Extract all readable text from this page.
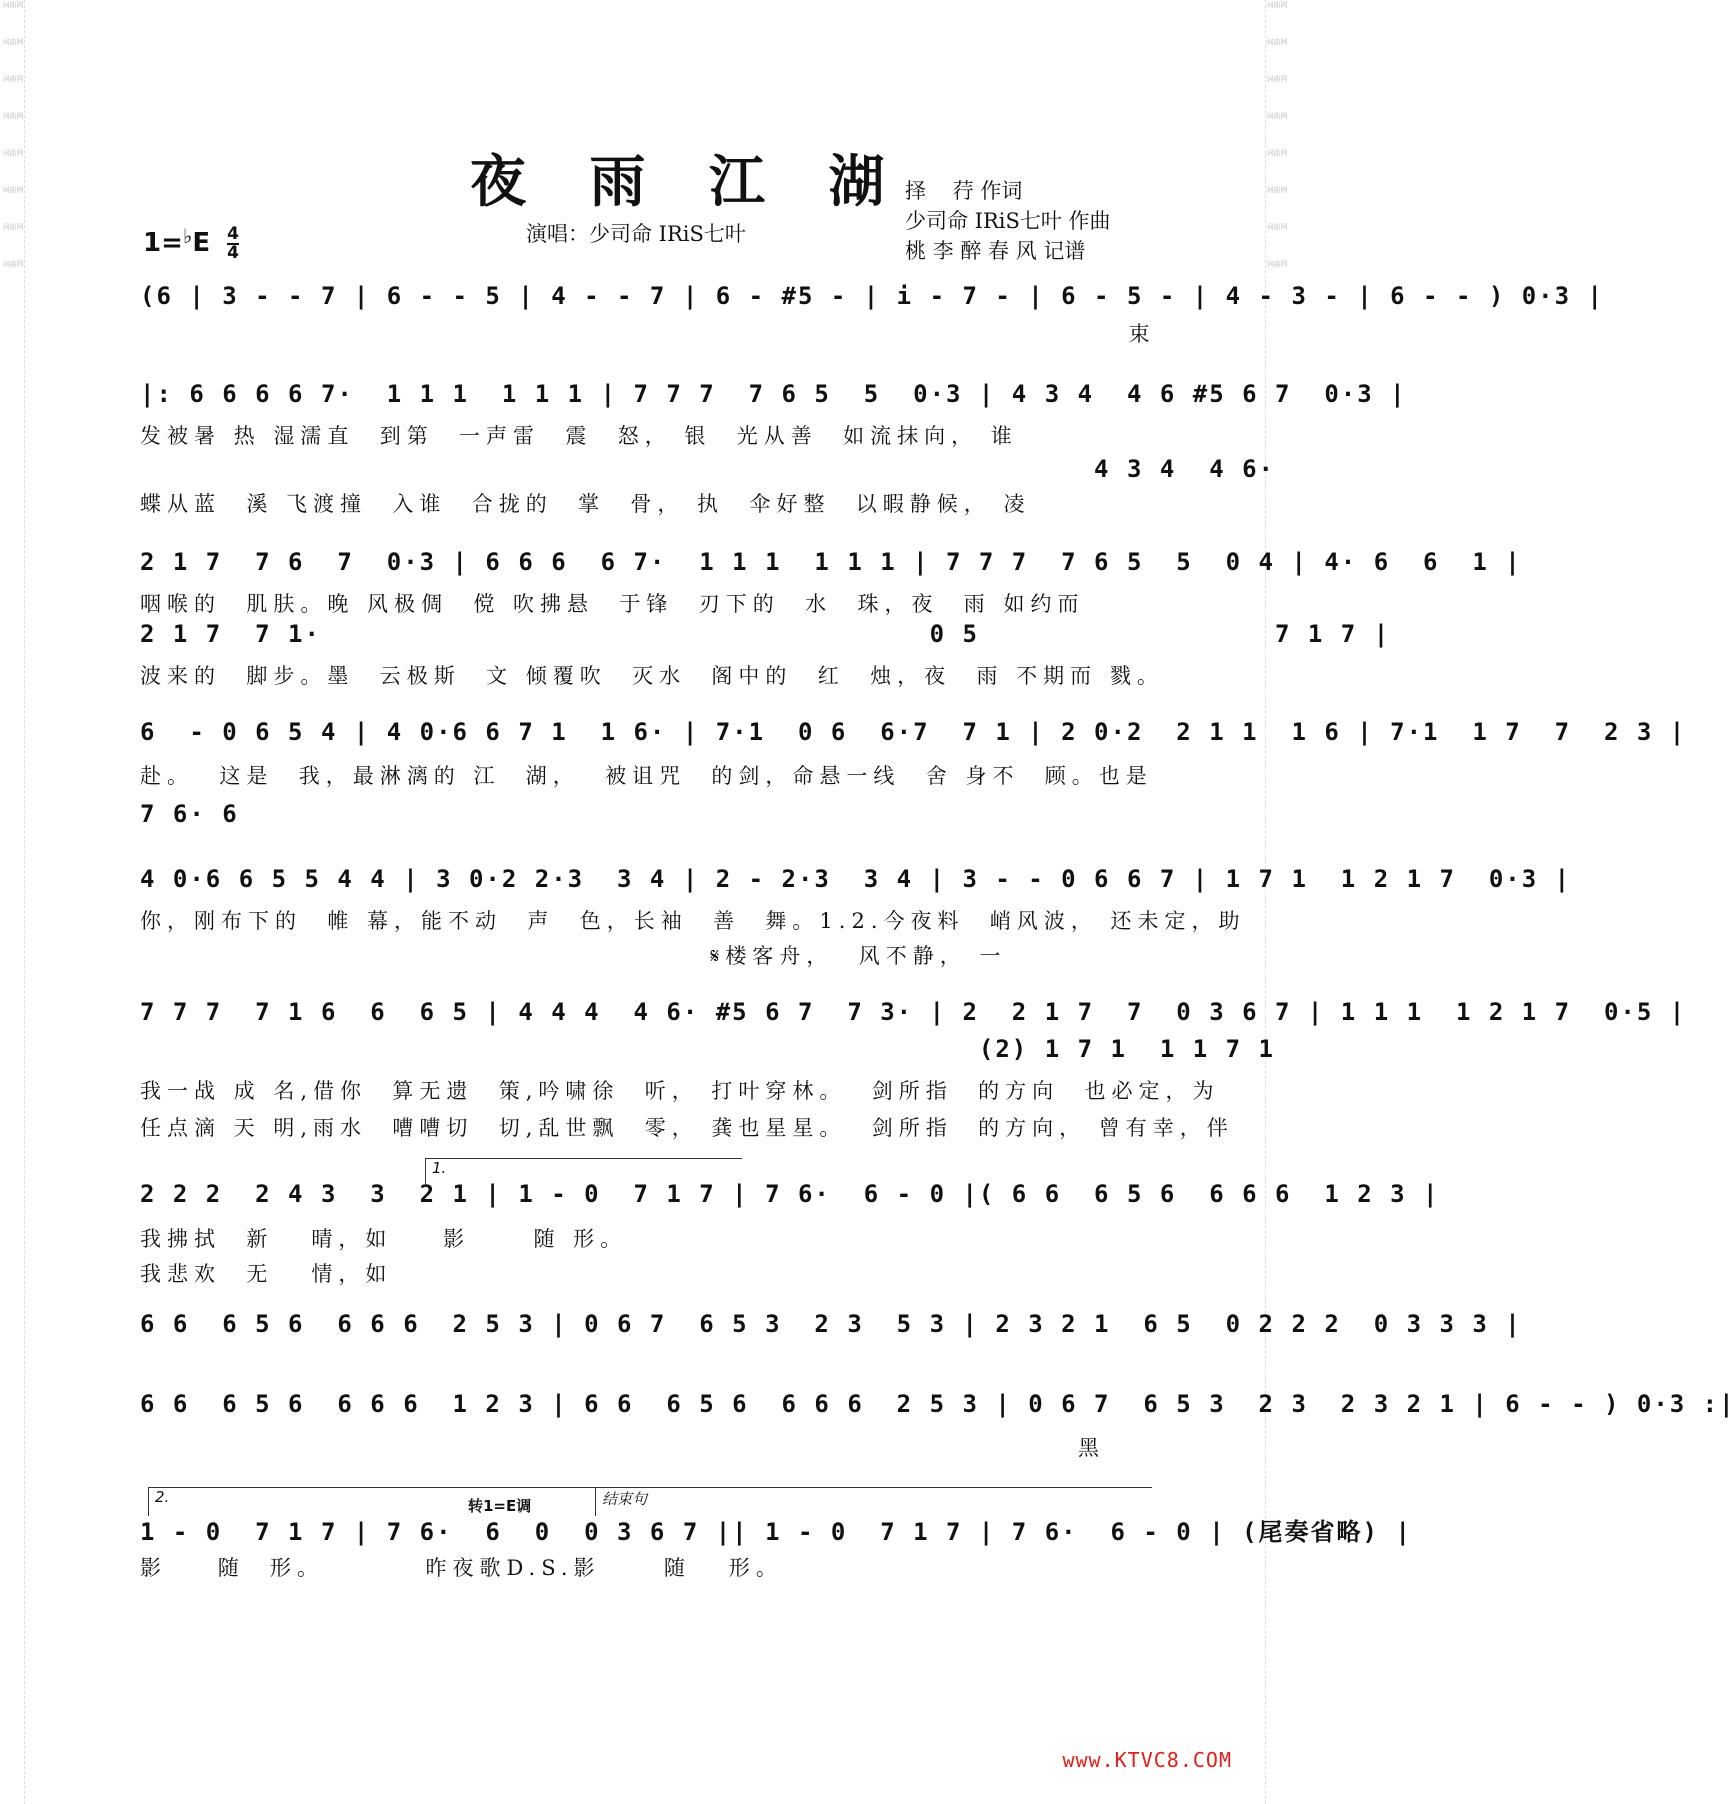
词曲网
词曲网
词曲网
词曲网
词曲网
词曲网
词曲网
词曲网
词曲网
词曲网
词曲网
词曲网
词曲网
词曲网
词曲网
词曲网
夜 雨 江 湖
择    荇 作词
少司命 IRiS七叶 作曲
桃 李 醉 春 风 记谱
$1=^♭E \frac{4}{4}$	演唱：少司命 IRiS七叶
(6 | 3 - - 7 | 6 - - 5 | 4 - - 7 | 6 - #5 - | i - 7 - | 6 - 5 - | 4 - 3 - | 6 - - ) 0·3 |
束
|: 6 6 6 6 7·  1 1 1  1 1 1 | 7 7 7  7 6 5  5  0·3 | 4 3 4  4 6 #5 6 7  0·3 |
发被暑 热 湿濡直  到第  一声雷  震  怒， 银  光从善  如流抹向， 谁
4 3 4  4 6·
蝶从蓝  溪 飞渡撞  入谁  合拢的  掌  骨， 执  伞好整  以暇静候， 凌
2 1 7  7 6  7  0·3 | 6 6 6  6 7·  1 1 1  1 1 1 | 7 7 7  7 6 5  5  0 4 | 4· 6  6  1 |
咽喉的  肌肤。晚 风极倜  傥 吹拂悬  于锋  刃下的  水  珠，夜  雨 如约而
2 1 7  7 1·                                     0 5                  7 1 7 |
波来的  脚步。墨  云极斯  文 倾覆吹  灭水  阁中的  红  烛，夜  雨 不期而 戮。
6  - 0 6 5 4 | 4 0·6 6 7 1  1 6· | 7·1  0 6  6·7  7 1 | 2 0·2  2 1 1  1 6 | 7·1  1 7  7  2 3 |
赴。  这是  我，最淋漓的 江  湖，  被诅咒  的剑，命悬一线  舍 身不  顾。也是
7 6· 6
4 0·6 6 5 5 4 4 | 3 0·2 2·3  3 4 | 2 - 2·3  3 4 | 3 - - 0 6 6 7 | 1 7 1  1 2 1 7  0·3 |
你，刚布下的  帷 幕，能不动  声  色，长袖  善  舞。1.2.今夜料  峭风波， 还未定，助
𝄋楼客舟，  风不静， 一
7 7 7  7 1 6  6  6 5 | 4 4 4  4 6· #5 6 7  7 3· | 2  2 1 7  7  0 3 6 7 | 1 1 1  1 2 1 7  0·5 |
(2) 1 7 1  1 1 7 1
我一战 成 名,借你  算无遗  策,吟啸徐  听， 打叶穿林。  剑所指  的方向  也必定，为
任点滴 天 明,雨水  嘈嘈切  切,乱世飘  零， 龚也星星。  剑所指  的方向， 曾有幸，伴
2 2 2  2 4 3  3  2 1 | 1 - 0  7 1 7 | 7 6·  6 - 0 |( 6 6  6 5 6  6 6 6  1 2 3 |
我拂拭  新   晴，如    影     随 形。
我悲欢  无   情，如
6 6  6 5 6  6 6 6  2 5 3 | 0 6 7  6 5 3  2 3  5 3 | 2 3 2 1  6 5  0 2 2 2  0 3 3 3 |
6 6  6 5 6  6 6 6  1 2 3 | 6 6  6 5 6  6 6 6  2 5 3 | 0 6 7  6 5 3  2 3  2 3 2 1 | 6 - - ) 0·3 :|
黑
1 - 0  7 1 7 | 7 6·  6  0  0 3 6 7 || 1 - 0  7 1 7 | 7 6·  6 - 0 | (尾奏省略) |
影    随  形。        昨夜歌D.S.影     随   形。
1.
2.	转1=E调	结束句
www.KTVC8.COM
